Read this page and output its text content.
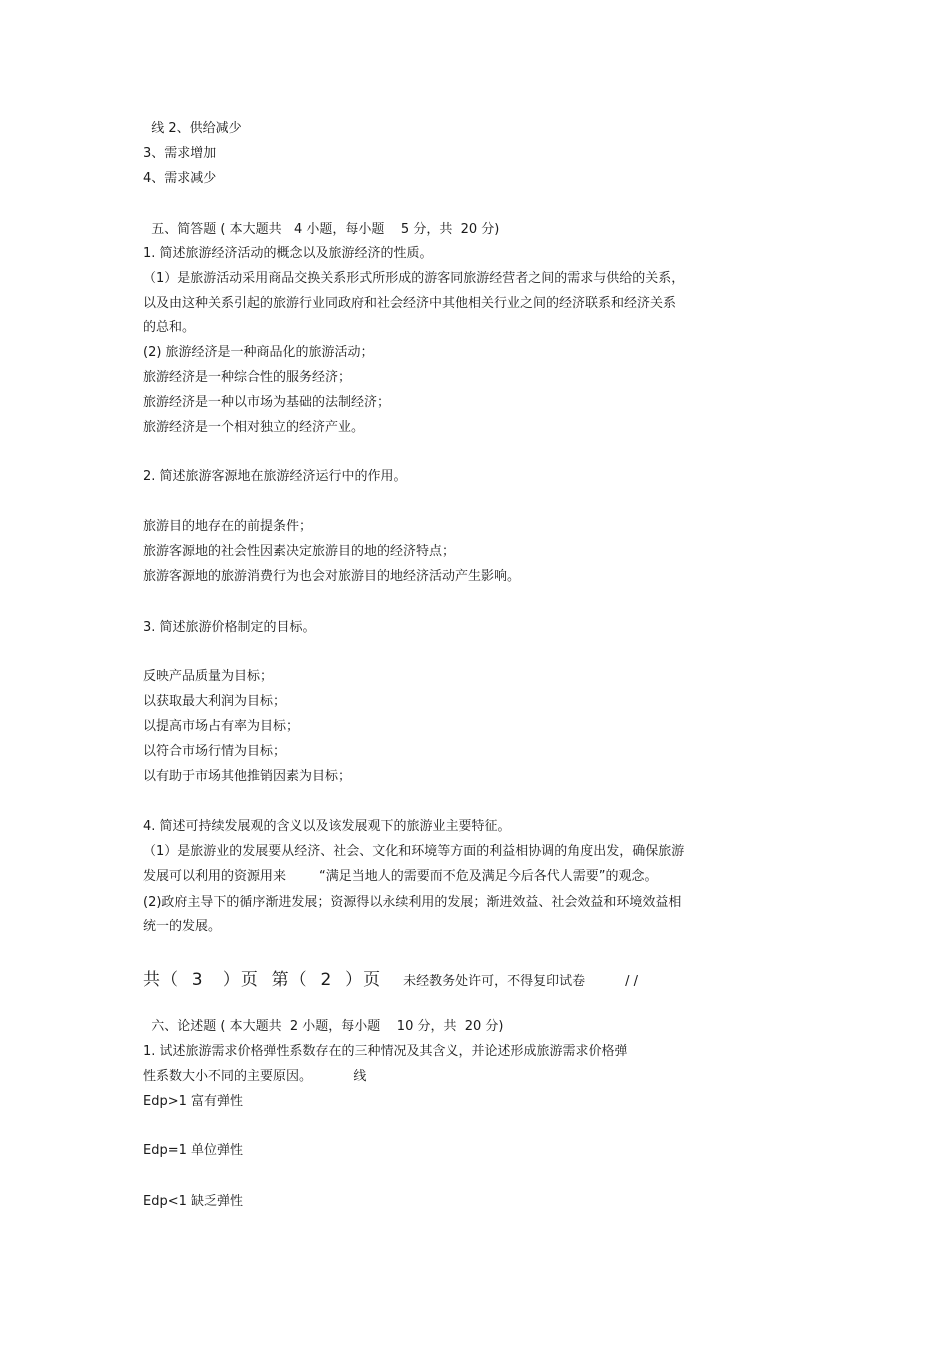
线 2、供给减少
3、需求增加
4、需求减少
五、简答题 ( 本大题共   4 小题，每小题    5 分，共  20 分)
1. 简述旅游经济活动的概念以及旅游经济的性质。
（1）是旅游活动采用商品交换关系形式所形成的游客同旅游经营者之间的需求与供给的关系，
以及由这种关系引起的旅游行业同政府和社会经济中其他相关行业之间的经济联系和经济关系
的总和。
(2) 旅游经济是一种商品化的旅游活动；
旅游经济是一种综合性的服务经济；
旅游经济是一种以市场为基础的法制经济；
旅游经济是一个相对独立的经济产业。
2. 简述旅游客源地在旅游经济运行中的作用。
旅游目的地存在的前提条件；
旅游客源地的社会性因素决定旅游目的地的经济特点；
旅游客源地的旅游消费行为也会对旅游目的地经济活动产生影响。
3. 简述旅游价格制定的目标。
反映产品质量为目标；
以获取最大利润为目标；
以提高市场占有率为目标；
以符合市场行情为目标；
以有助于市场其他推销因素为目标；
4. 简述可持续发展观的含义以及该发展观下的旅游业主要特征。
（1）是旅游业的发展要从经济、社会、文化和环境等方面的利益相协调的角度出发，确保旅游
发展可以利用的资源用来        “满足当地人的需要而不危及满足今后各代人需要”的观念。
(2)政府主导下的循序渐进发展；资源得以永续利用的发展；渐进效益、社会效益和环境效益相
统一的发展。
共（  3   ）页  第（  2  ）页 未经教务处许可，不得复印试卷	/ /
六、论述题 ( 本大题共  2 小题，每小题    10 分，共  20 分)
1. 试述旅游需求价格弹性系数存在的三种情况及其含义，并论述形成旅游需求价格弹
性系数大小不同的主要原因。          线
Edp>1 富有弹性
Edp=1 单位弹性
Edp<1 缺乏弹性
